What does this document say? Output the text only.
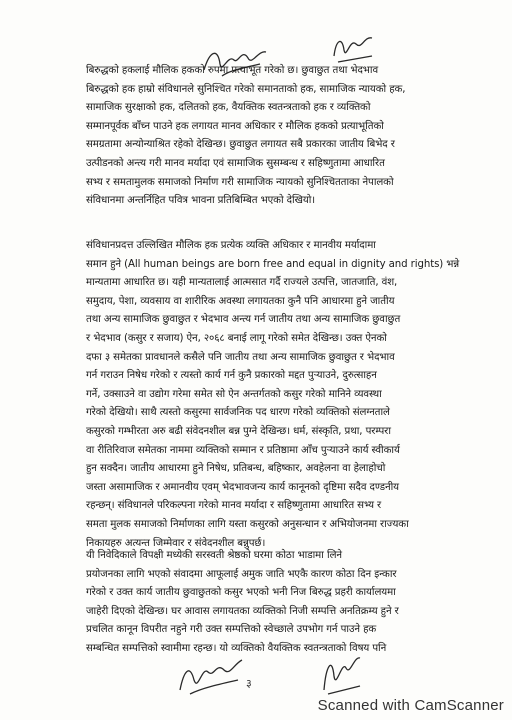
बिरुद्धको हकलाई मौलिक हकको रुपमा प्रत्याभूत गरेको छ। छुवाछुत तथा भेदभाव
बिरुद्धको हक हाम्रो संविधानले सुनिश्चित गरेको समानताको हक, सामाजिक न्यायको हक,
सामाजिक सुरक्षाको हक, दलितको हक, वैयक्तिक स्वतन्त्रताको हक र व्यक्तिको
सम्मानपूर्वक बाँच्न पाउने हक लगायत मानव अधिकार र मौलिक हकको प्रत्याभूतिको
समग्रतामा अन्योन्याश्रित रहेको देखिन्छ। छुवाछुत लगायत सबै प्रकारका जातीय बिभेद र
उत्पीडनको अन्त्य गरी मानव मर्यादा एवं सामाजिक सुसम्बन्ध र सहिष्णुतामा आधारित
सभ्य र समतामुलक समाजको निर्माण गरी सामाजिक न्यायको सुनिश्चितताका नेपालको
संविधानमा अन्तर्निहित पवित्र भावना प्रतिबिम्बित भएको देखियो।
संविधानप्रदत्त उल्लिखित मौलिक हक प्रत्येक व्यक्ति अधिकार र मानवीय मर्यादामा
समान हुने (All human beings are born free and equal in dignity and rights) भन्ने
मान्यतामा आधारित छ। यही मान्यतालाई आत्मसात गर्दै राज्यले उत्पत्ति, जातजाति, वंश,
समुदाय, पेशा, व्यवसाय वा शारीरिक अवस्था लगायतका कुनै पनि आधारमा हुने जातीय
तथा अन्य सामाजिक छुवाछुत र भेदभाव अन्त्य गर्न जातीय तथा अन्य सामाजिक छुवाछुत
र भेदभाव (कसुर र सजाय) ऐन, २०६८ बनाई लागू गरेको समेत देखिन्छ। उक्त ऐनको
दफा ३ समेतका प्रावधानले कसैले पनि जातीय तथा अन्य सामाजिक छुवाछुत र भेदभाव
गर्न गराउन निषेध गरेको र त्यस्तो कार्य गर्न कुनै प्रकारको मद्दत पुऱ्याउने, दुरुत्साहन
गर्ने, उक्साउने वा उद्योग गरेमा समेत सो ऐन अन्तर्गतको कसुर गरेको मानिने व्यवस्था
गरेको देखियो। साथै त्यस्तो कसुरमा सार्वजनिक पद धारण गरेको व्यक्तिको संलग्नताले
कसुरको गम्भीरता अरु बढी संवेदनशील बन्न पुग्ने देखिन्छ। धर्म, संस्कृति, प्रथा, परम्परा
वा रीतिरिवाज समेतका नाममा व्यक्तिको सम्मान र प्रतिष्ठामा आँच पुऱ्याउने कार्य स्वीकार्य
हुन सक्दैन। जातीय आधारमा हुने निषेध, प्रतिबन्ध, बहिष्कार, अवहेलना वा हेलाहोचो
जस्ता असामाजिक र अमानवीय एवम् भेदभावजन्य कार्य कानूनको दृष्टिमा सदैव दण्डनीय
रहन्छन्। संविधानले परिकल्पना गरेको मानव मर्यादा र सहिष्णुतामा आधारित सभ्य र
समता मुलक समाजको निर्माणका लागि यस्ता कसुरको अनुसन्धान र अभियोजनमा राज्यका
निकायहरु अत्यन्त जिम्मेवार र संवेदनशील बन्नुपर्छ।
यी निवेदिकाले विपक्षी मध्येकी सरस्वती श्रेष्ठको घरमा कोठा भाडामा लिने
प्रयोजनका लागि भएको संवादमा आफूलाई अमुक जाति भएकै कारण कोठा दिन इन्कार
गरेको र उक्त कार्य जातीय छुवाछुतको कसुर भएको भनी निज बिरुद्ध प्रहरी कार्यालयमा
जाहेरी दिएको देखिन्छ। घर आवास लगायतका व्यक्तिको निजी सम्पत्ति अनतिक्रम्य हुने र
प्रचलित कानून विपरीत नहुने गरी उक्त सम्पत्तिको स्वेच्छाले उपभोग गर्न पाउने हक
सम्बन्धित सम्पत्तिको स्वामीमा रहन्छ। यो व्यक्तिको वैयक्तिक स्वतन्त्रताको विषय पनि
३
Scanned with CamScanner
